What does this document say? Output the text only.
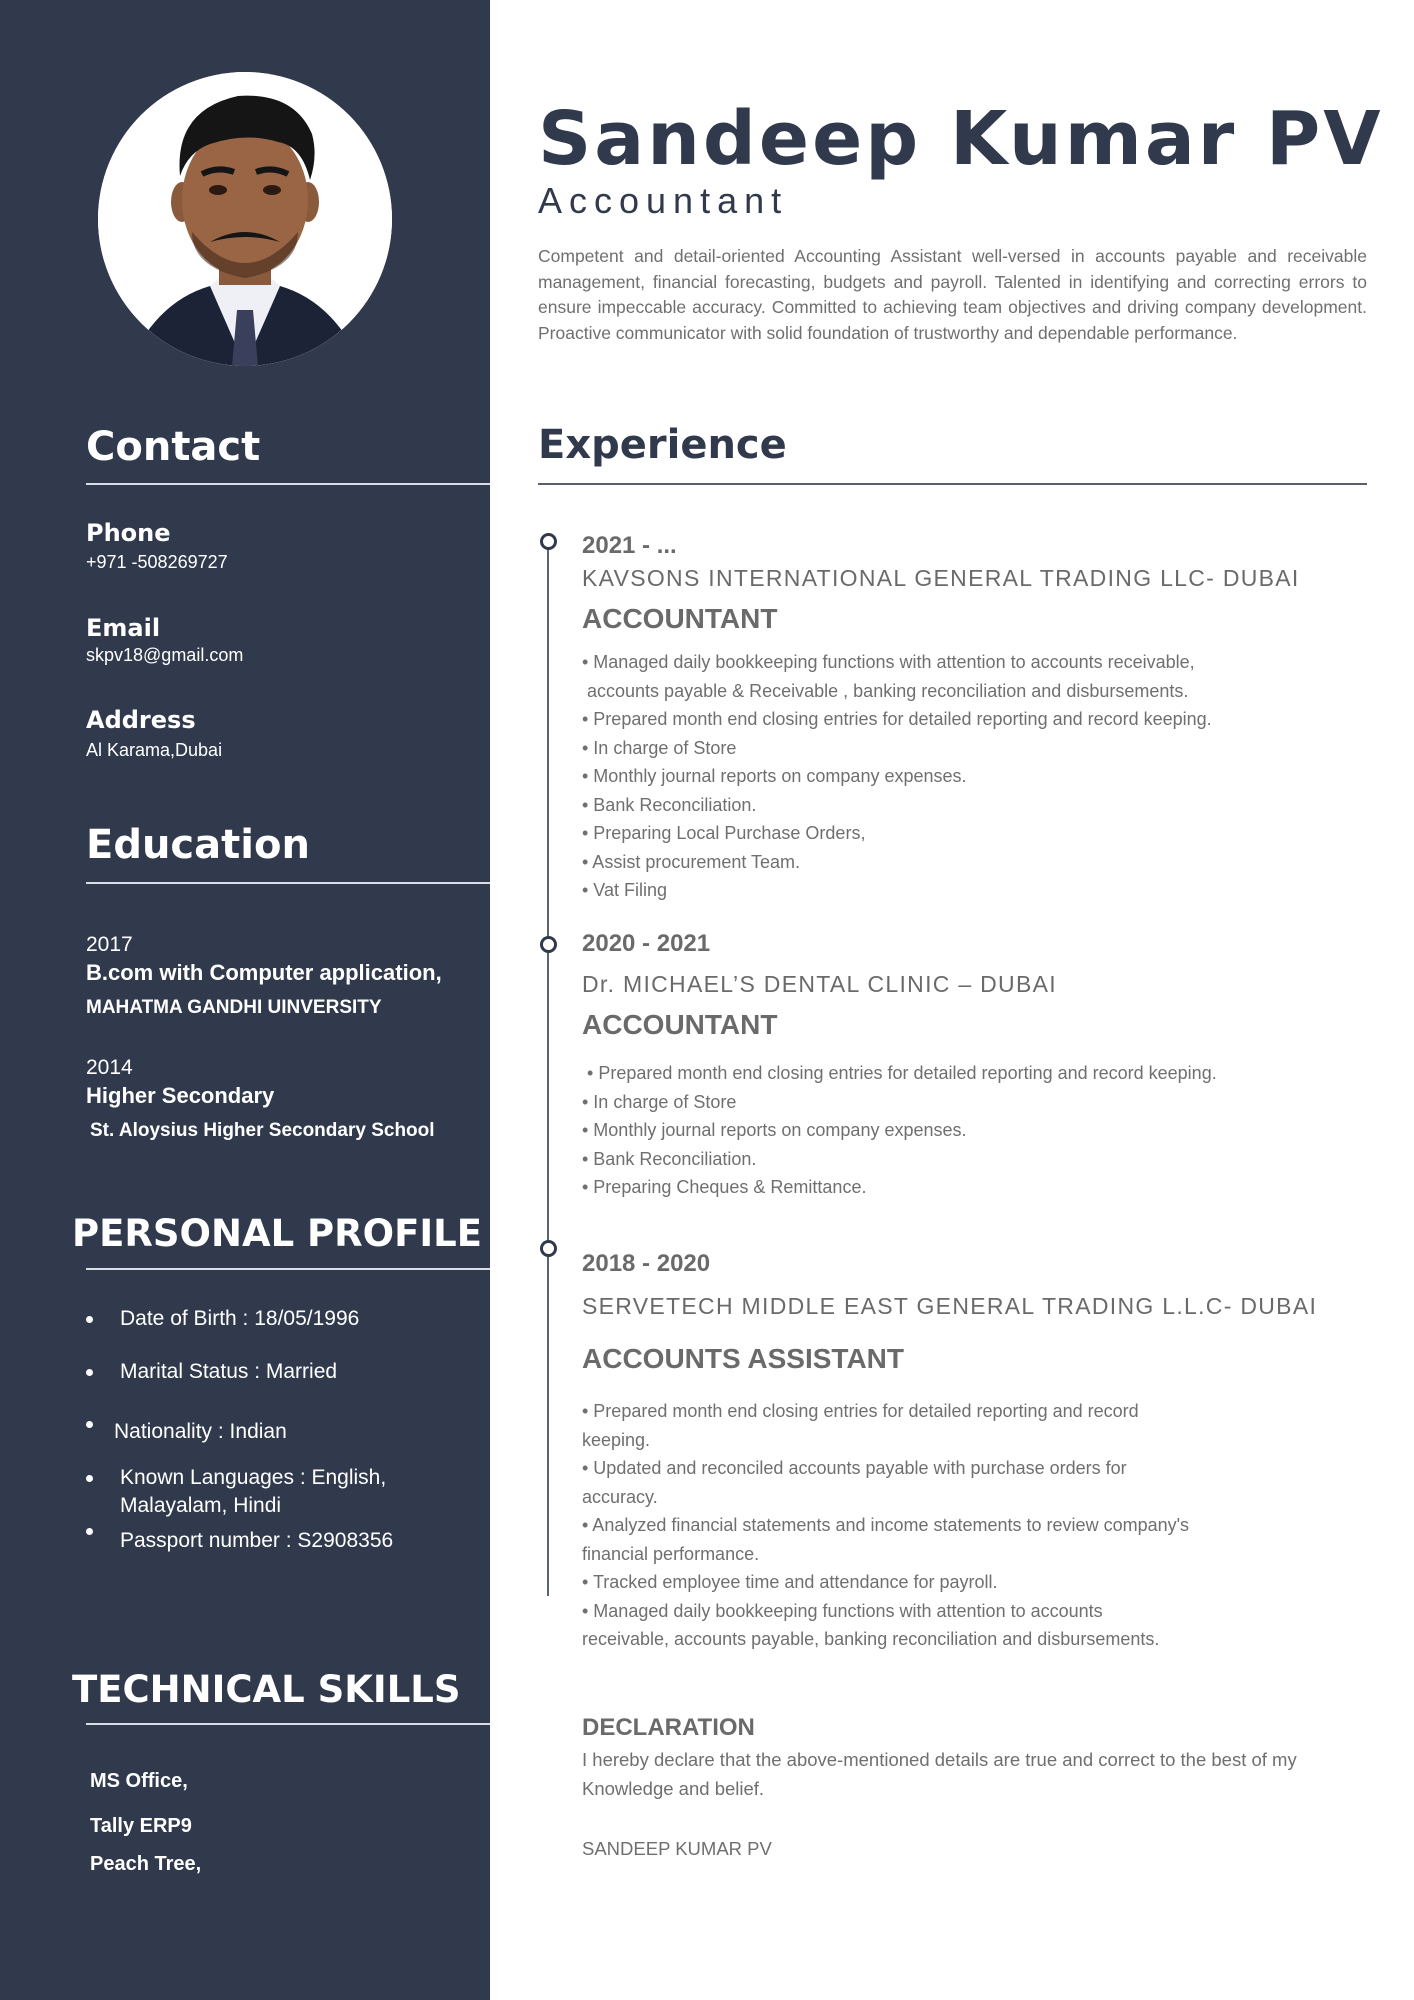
Contact
Phone
+971 -508269727
Email
skpv18@gmail.com
Address
Al Karama,Dubai
Education
2017
B.com with Computer application,
MAHATMA GANDHI UINVERSITY
2014
Higher Secondary
St. Aloysius Higher Secondary School
PERSONAL PROFILE
Date of Birth : 18/05/1996
Marital Status : Married
Nationality : Indian
Known Languages : English, Malayalam, Hindi
Passport number : S2908356
TECHNICAL SKILLS
MS Office,
Tally ERP9
Peach Tree,
Sandeep Kumar PV
Accountant
Competent and detail-oriented Accounting Assistant well-versed in accounts payable and receivable management, financial forecasting, budgets and payroll. Talented in identifying and correcting errors to ensure impeccable accuracy. Committed to achieving team objectives and driving company development. Proactive communicator with solid foundation of trustworthy and dependable performance.
Experience
2021 - ...
KAVSONS INTERNATIONAL GENERAL TRADING LLC- DUBAI
ACCOUNTANT
• Managed daily bookkeeping functions with attention to accounts receivable,
accounts payable & Receivable , banking reconciliation and disbursements.
• Prepared month end closing entries for detailed reporting and record keeping.
• In charge of Store
• Monthly journal reports on company expenses.
• Bank Reconciliation.
• Preparing Local Purchase Orders,
• Assist procurement Team.
• Vat Filing
2020 - 2021
Dr. MICHAEL’S DENTAL CLINIC – DUBAI
ACCOUNTANT
• Prepared month end closing entries for detailed reporting and record keeping.
• In charge of Store
• Monthly journal reports on company expenses.
• Bank Reconciliation.
• Preparing Cheques & Remittance.
2018 - 2020
SERVETECH MIDDLE EAST GENERAL TRADING L.L.C- DUBAI
ACCOUNTS ASSISTANT
• Prepared month end closing entries for detailed reporting and record
keeping.
• Updated and reconciled accounts payable with purchase orders for
accuracy.
• Analyzed financial statements and income statements to review company's
financial performance.
• Tracked employee time and attendance for payroll.
• Managed daily bookkeeping functions with attention to accounts
receivable, accounts payable, banking reconciliation and disbursements.
DECLARATION
I hereby declare that the above-mentioned details are true and correct to the best of my Knowledge and belief.
SANDEEP KUMAR PV
